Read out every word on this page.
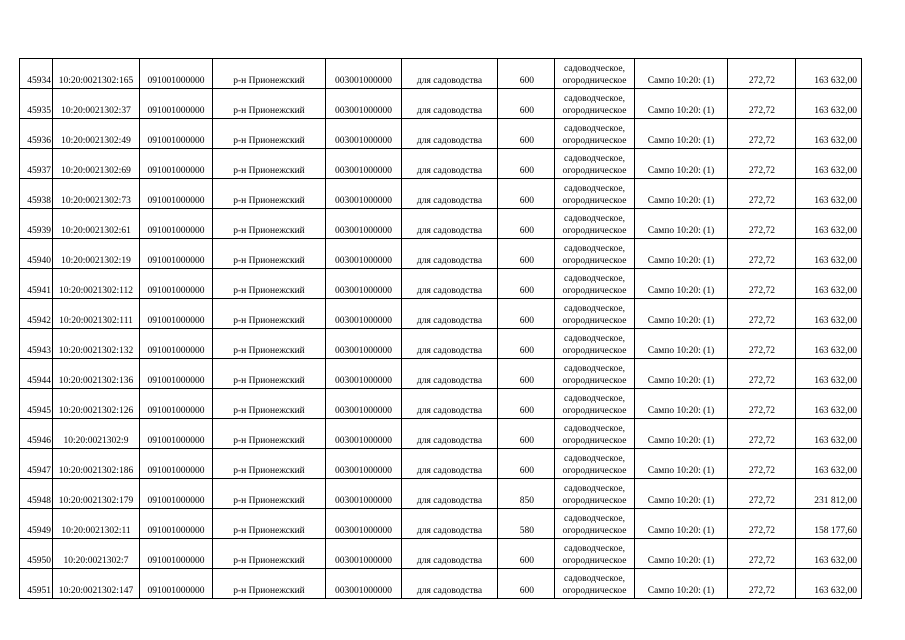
45934	10:20:0021302:165	091001000000	р-н Прионежский	003001000000	для садоводства	600	садоводческое,
огородническое	Сампо 10:20: (1)	272,72	163 632,00
45935	10:20:0021302:37	091001000000	р-н Прионежский	003001000000	для садоводства	600	садоводческое,
огородническое	Сампо 10:20: (1)	272,72	163 632,00
45936	10:20:0021302:49	091001000000	р-н Прионежский	003001000000	для садоводства	600	садоводческое,
огородническое	Сампо 10:20: (1)	272,72	163 632,00
45937	10:20:0021302:69	091001000000	р-н Прионежский	003001000000	для садоводства	600	садоводческое,
огородническое	Сампо 10:20: (1)	272,72	163 632,00
45938	10:20:0021302:73	091001000000	р-н Прионежский	003001000000	для садоводства	600	садоводческое,
огородническое	Сампо 10:20: (1)	272,72	163 632,00
45939	10:20:0021302:61	091001000000	р-н Прионежский	003001000000	для садоводства	600	садоводческое,
огородническое	Сампо 10:20: (1)	272,72	163 632,00
45940	10:20:0021302:19	091001000000	р-н Прионежский	003001000000	для садоводства	600	садоводческое,
огородническое	Сампо 10:20: (1)	272,72	163 632,00
45941	10:20:0021302:112	091001000000	р-н Прионежский	003001000000	для садоводства	600	садоводческое,
огородническое	Сампо 10:20: (1)	272,72	163 632,00
45942	10:20:0021302:111	091001000000	р-н Прионежский	003001000000	для садоводства	600	садоводческое,
огородническое	Сампо 10:20: (1)	272,72	163 632,00
45943	10:20:0021302:132	091001000000	р-н Прионежский	003001000000	для садоводства	600	садоводческое,
огородническое	Сампо 10:20: (1)	272,72	163 632,00
45944	10:20:0021302:136	091001000000	р-н Прионежский	003001000000	для садоводства	600	садоводческое,
огородническое	Сампо 10:20: (1)	272,72	163 632,00
45945	10:20:0021302:126	091001000000	р-н Прионежский	003001000000	для садоводства	600	садоводческое,
огородническое	Сампо 10:20: (1)	272,72	163 632,00
45946	10:20:0021302:9	091001000000	р-н Прионежский	003001000000	для садоводства	600	садоводческое,
огородническое	Сампо 10:20: (1)	272,72	163 632,00
45947	10:20:0021302:186	091001000000	р-н Прионежский	003001000000	для садоводства	600	садоводческое,
огородническое	Сампо 10:20: (1)	272,72	163 632,00
45948	10:20:0021302:179	091001000000	р-н Прионежский	003001000000	для садоводства	850	садоводческое,
огородническое	Сампо 10:20: (1)	272,72	231 812,00
45949	10:20:0021302:11	091001000000	р-н Прионежский	003001000000	для садоводства	580	садоводческое,
огородническое	Сампо 10:20: (1)	272,72	158 177,60
45950	10:20:0021302:7	091001000000	р-н Прионежский	003001000000	для садоводства	600	садоводческое,
огородническое	Сампо 10:20: (1)	272,72	163 632,00
45951	10:20:0021302:147	091001000000	р-н Прионежский	003001000000	для садоводства	600	садоводческое,
огородническое	Сампо 10:20: (1)	272,72	163 632,00
